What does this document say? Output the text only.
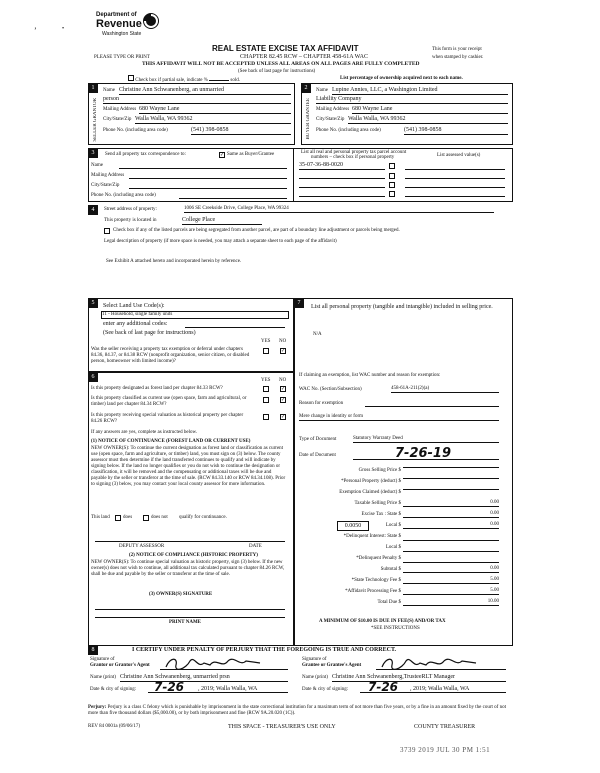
Department of
Revenue
Washington State
ʼ	•
REAL ESTATE EXCISE TAX AFFIDAVIT
CHAPTER 82.45 RCW – CHAPTER 458-61A WAC
PLEASE TYPE OR PRINT
THIS AFFIDAVIT WILL NOT BE ACCEPTED UNLESS ALL AREAS ON ALL PAGES ARE FULLY COMPLETED
This form is your receipt
when stamped by cashier.
(See back of last page for instructions)
Check box if partial sale, indicate %	sold.	List percentage of ownership acquired next to each name.
1
SELLER GRANTOR
Name Christine Ann Schwanenberg, an unmarried
person
Mailing Address 680 Wayne Lane
City/State/Zip Walla Walla, WA 99362
Phone No. (including area code)	(541) 398-0858
2
BUYER GRANTEE
Name Lupine Annies, LLC, a Washington Limited
Liability Company
Mailing Address 680 Wayne Lane
City/State/Zip Walla Walla, WA 99362
Phone No. (including area code)	(541) 398-0858
3	Send all property tax correspondence to:	✓ Same as Buyer/Grantee
Name
Mailing Address
City/State/Zip
Phone No. (including area code)
List all real and personal property tax parcel account
numbers – check box if personal property	List assessed value(s)
35-07-36-88-0020
4	Street address of property:	1006 SE Creekside Drive, College Place, WA 99324
This property is located in	College Place
Check box if any of the listed parcels are being segregated from another parcel, are part of a boundary line adjustment or parcels being merged.
Legal description of property (if more space is needed, you may attach a separate sheet to each page of the affidavit)
See Exhibit A attached hereto and incorporated herein by reference.
5	Select Land Use Code(s):
11 - Household, single family units
enter any additional codes:
(See back of last page for instructions)
YES NO
Was the seller receiving a property tax exemption or deferral under chapters 84.36, 84.37, or 84.38 RCW (nonprofit organization, senior citizen, or disabled person, homeowner with limited income)?
✓
6
YES NO
Is this property designated as forest land per chapter 84.33 RCW?	✓
Is this property classified as current use (open space, farm and agricultural, or timber) land per chapter 84.34 RCW?
✓
Is this property receiving special valuation as historical property per chapter 84.26 RCW?
✓
If any answers are yes, complete as instructed below.
(1) NOTICE OF CONTINUANCE (FOREST LAND OR CURRENT USE)
NEW OWNER(S): To continue the current designation as forest land or classification as current use (open space, farm and agriculture, or timber) land, you must sign on (3) below. The county assessor must then determine if the land transferred continues to qualify and will indicate by signing below. If the land no longer qualifies or you do not wish to continue the designation or classification, it will be removed and the compensating or additional taxes will be due and payable by the seller or transferor at the time of sale. (RCW 84.33.140 or RCW 84.34.108). Prior to signing (3) below, you may contact your local county assessor for more information.
This land	does	does not qualify for continuance.
DEPUTY ASSESSOR	DATE
(2) NOTICE OF COMPLIANCE (HISTORIC PROPERTY)
NEW OWNER(S): To continue special valuation as historic property, sign (3) below. If the new owner(s) does not wish to continue, all additional tax calculated pursuant to chapter 84.26 RCW, shall be due and payable by the seller or transferor at the time of sale.
(3) OWNER(S) SIGNATURE
PRINT NAME
7
List all personal property (tangible and intangible) included in selling price.
N/A
If claiming an exemption, list WAC number and reason for exemption:
WAC No. (Section/Subsection)	458-61A-211(2)(a)
Reason for exemption
Mere change in identity or form
Type of Document	Statutory Warranty Deed
Date of Document	7-26-19
Gross Selling Price $
*Personal Property (deduct) $
Exemption Claimed (deduct) $
Taxable Selling Price $	0.00
Excise Tax : State $	0.00
0.0050	Local $	0.00
*Delinquent Interest: State $
Local $
*Delinquent Penalty $
Subtotal $	0.00
*State Technology Fee $	5.00
*Affidavit Processing Fee $	5.00
Total Due $	10.00
A MINIMUM OF $10.00 IS DUE IN FEE(S) AND/OR TAX
*SEE INSTRUCTIONS
8	I CERTIFY UNDER PENALTY OF PERJURY THAT THE FOREGOING IS TRUE AND CORRECT.
Signature of
Grantor or Grantor's Agent
Name (print) Christine Ann Schwanenberg, unmarried prsn
Date & city of signing: 7-26 , 2019; Walla Walla, WA
Signature of
Grantee or Grantee's Agent
Name (print) Christine Ann Schwanenberg,TrusteeRLT Manager
Date & city of signing: 7-26 , 2019; Walla Walla, WA
Perjury: Perjury is a class C felony which is punishable by imprisonment in the state correctional institution for a maximum term of not more than five years, or by a fine in an amount fixed by the court of not more than five thousand dollars ($5,000.00), or by both imprisonment and fine (RCW 9A.20.020 (1C)).
REV 84 0001a (09/06/17)	THIS SPACE - TREASURER'S USE ONLY	COUNTY TREASURER
3739 2019 JUL 30 PM 1:51
